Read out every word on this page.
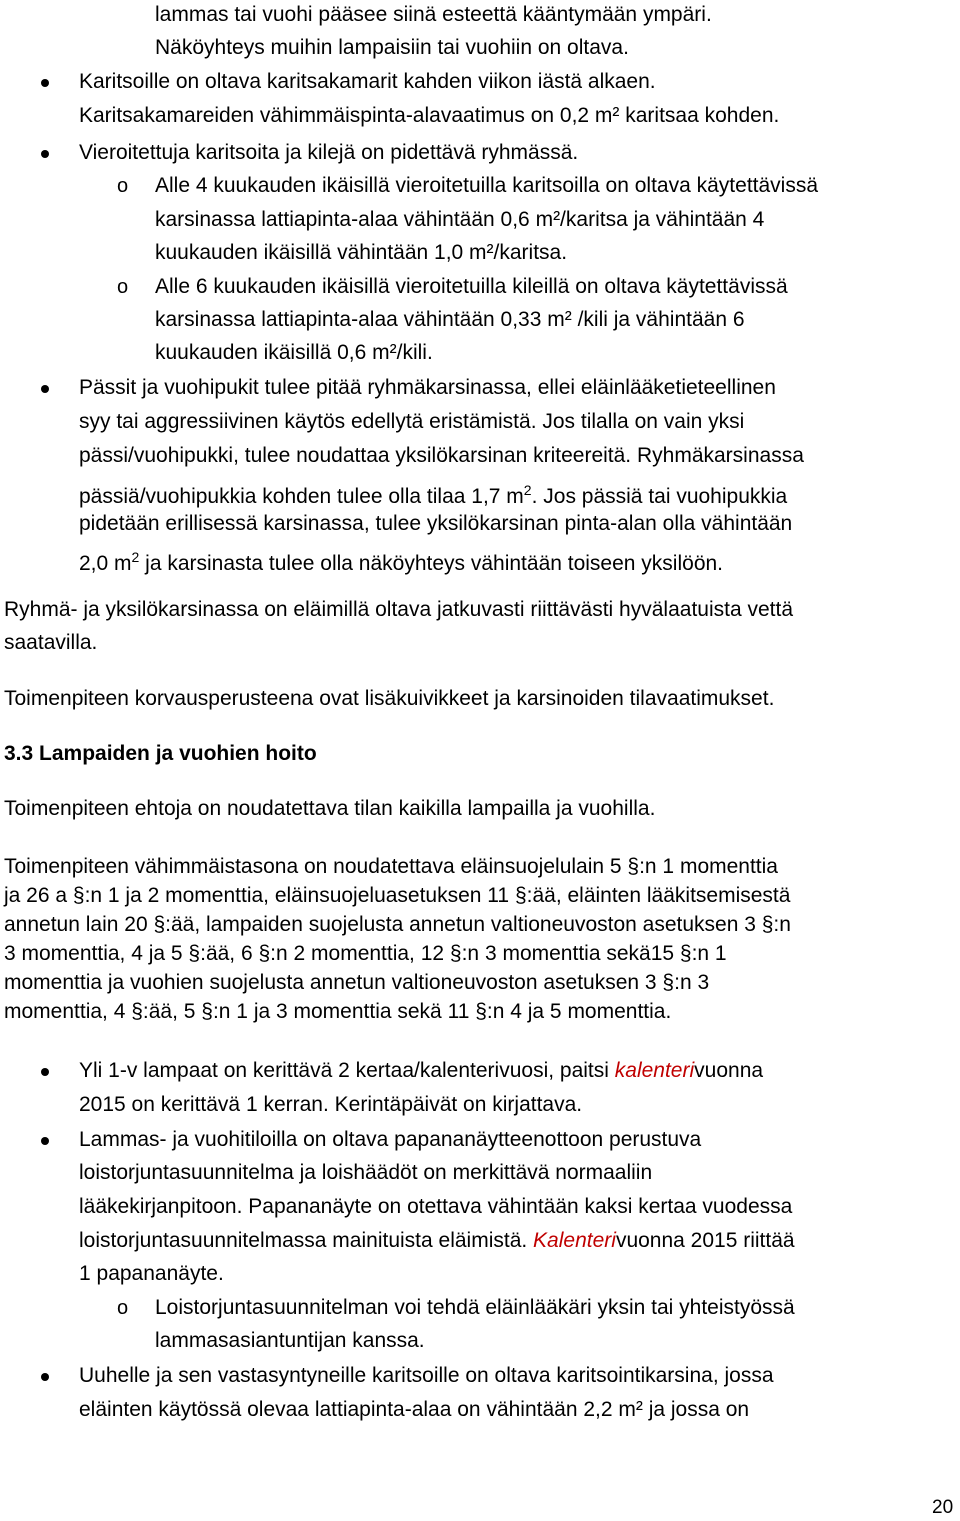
lammas tai vuohi pääsee siinä esteettä kääntymään ympäri.
Näköyhteys muihin lampaisiin tai vuohiin on oltava.
Karitsoille on oltava karitsakamarit kahden viikon iästä alkaen.
Karitsakamareiden vähimmäispinta-alavaatimus on 0,2 m² karitsaa kohden.
Vieroitettuja karitsoita ja kilejä on pidettävä ryhmässä.
o Alle 4 kuukauden ikäisillä vieroitetuilla karitsoilla on oltava käytettävissä
karsinassa lattiapinta-alaa vähintään 0,6 m²/karitsa ja vähintään 4
kuukauden ikäisillä vähintään 1,0 m²/karitsa.
o Alle 6 kuukauden ikäisillä vieroitetuilla kileillä on oltava käytettävissä
karsinassa lattiapinta-alaa vähintään 0,33 m² /kili ja vähintään 6
kuukauden ikäisillä 0,6 m²/kili.
Pässit ja vuohipukit tulee pitää ryhmäkarsinassa, ellei eläinlääketieteellinen
syy tai aggressiivinen käytös edellytä eristämistä. Jos tilalla on vain yksi
pässi/vuohipukki, tulee noudattaa yksilökarsinan kriteereitä. Ryhmäkarsinassa
pässiä/vuohipukkia kohden tulee olla tilaa 1,7 $m^2$. Jos pässiä tai vuohipukkia
pidetään erillisessä karsinassa, tulee yksilökarsinan pinta-alan olla vähintään
2,0 $m^2$ ja karsinasta tulee olla näköyhteys vähintään toiseen yksilöön.
Ryhmä- ja yksilökarsinassa on eläimillä oltava jatkuvasti riittävästi hyvälaatuista vettä
saatavilla.
Toimenpiteen korvausperusteena ovat lisäkuivikkeet ja karsinoiden tilavaatimukset.
3.3 Lampaiden ja vuohien hoito
Toimenpiteen ehtoja on noudatettava tilan kaikilla lampailla ja vuohilla.
Toimenpiteen vähimmäistasona on noudatettava eläinsuojelulain 5 §:n 1 momenttia
ja 26 a §:n 1 ja 2 momenttia, eläinsuojeluasetuksen 11 §:ää, eläinten lääkitsemisestä
annetun lain 20 §:ää, lampaiden suojelusta annetun valtioneuvoston asetuksen 3 §:n
3 momenttia, 4 ja 5 §:ää, 6 §:n 2 momenttia, 12 §:n 3 momenttia sekä15 §:n 1
momenttia ja vuohien suojelusta annetun valtioneuvoston asetuksen 3 §:n 3
momenttia, 4 §:ää, 5 §:n 1 ja 3 momenttia sekä 11 §:n 4 ja 5 momenttia.
Yli 1-v lampaat on kerittävä 2 kertaa/kalenterivuosi, paitsi kalenterivuonna
2015 on kerittävä 1 kerran. Kerintäpäivät on kirjattava.
Lammas- ja vuohitiloilla on oltava papananäytteenottoon perustuva
loistorjuntasuunnitelma ja loishäädöt on merkittävä normaaliin
lääkekirjanpitoon. Papananäyte on otettava vähintään kaksi kertaa vuodessa
loistorjuntasuunnitelmassa mainituista eläimistä. Kalenterivuonna 2015 riittää
1 papananäyte.
o Loistorjuntasuunnitelman voi tehdä eläinlääkäri yksin tai yhteistyössä
lammasasiantuntijan kanssa.
Uuhelle ja sen vastasyntyneille karitsoille on oltava karitsointikarsina, jossa
eläinten käytössä olevaa lattiapinta-alaa on vähintään 2,2 m² ja jossa on
20
